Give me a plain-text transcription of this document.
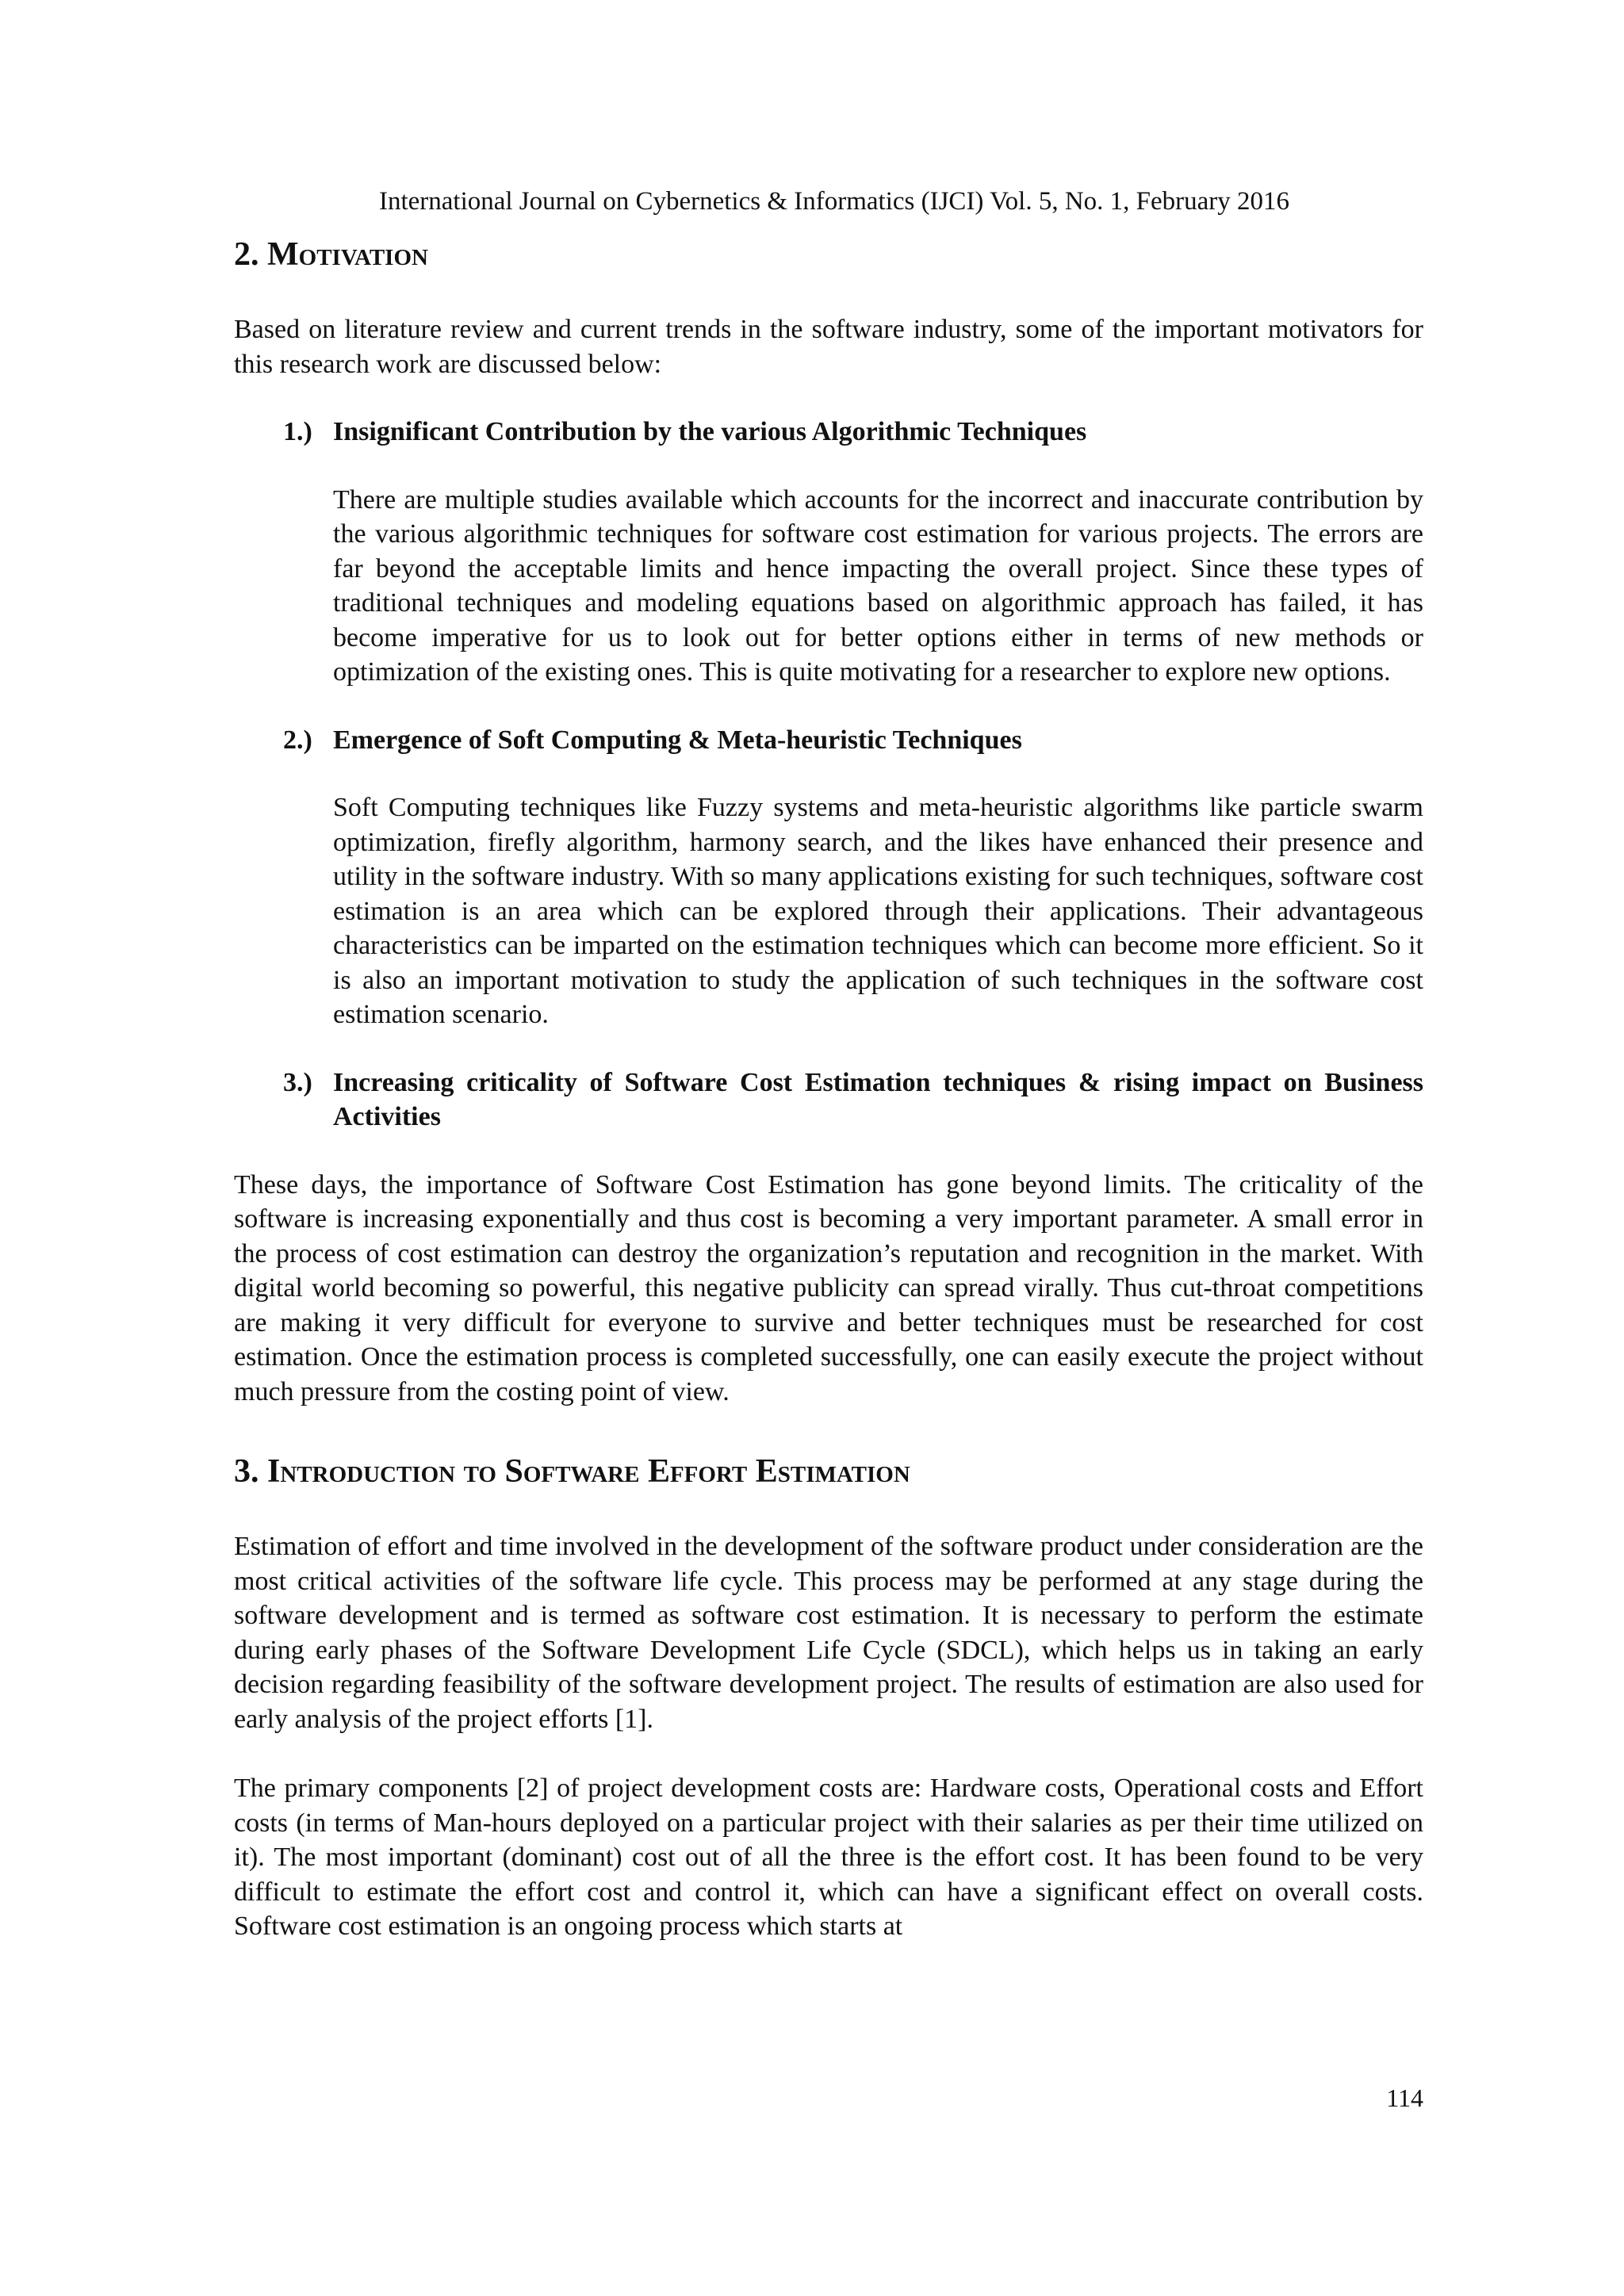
International Journal on Cybernetics & Informatics (IJCI) Vol. 5, No. 1, February 2016
2. Motivation

Based on literature review and current trends in the software industry, some of the important motivators for this research work are discussed below:

1.) Insignificant Contribution by the various Algorithmic Techniques

There are multiple studies available which accounts for the incorrect and inaccurate contribution by the various algorithmic techniques for software cost estimation for various projects. The errors are far beyond the acceptable limits and hence impacting the overall project. Since these types of traditional techniques and modeling equations based on algorithmic approach has failed, it has become imperative for us to look out for better options either in terms of new methods or optimization of the existing ones. This is quite motivating for a researcher to explore new options.

2.) Emergence of Soft Computing & Meta-heuristic Techniques

Soft Computing techniques like Fuzzy systems and meta-heuristic algorithms like particle swarm optimization, firefly algorithm, harmony search, and the likes have enhanced their presence and utility in the software industry. With so many applications existing for such techniques, software cost estimation is an area which can be explored through their applications. Their advantageous characteristics can be imparted on the estimation techniques which can become more efficient. So it is also an important motivation to study the application of such techniques in the software cost estimation scenario.

3.) Increasing criticality of Software Cost Estimation techniques & rising impact on Business Activities

These days, the importance of Software Cost Estimation has gone beyond limits. The criticality of the software is increasing exponentially and thus cost is becoming a very important parameter. A small error in the process of cost estimation can destroy the organization’s reputation and recognition in the market. With digital world becoming so powerful, this negative publicity can spread virally. Thus cut-throat competitions are making it very difficult for everyone to survive and better techniques must be researched for cost estimation. Once the estimation process is completed successfully, one can easily execute the project without much pressure from the costing point of view.

3. Introduction to Software Effort Estimation

Estimation of effort and time involved in the development of the software product under consideration are the most critical activities of the software life cycle. This process may be performed at any stage during the software development and is termed as software cost estimation. It is necessary to perform the estimate during early phases of the Software Development Life Cycle (SDCL), which helps us in taking an early decision regarding feasibility of the software development project. The results of estimation are also used for early analysis of the project efforts [1].

The primary components [2] of project development costs are: Hardware costs, Operational costs and Effort costs (in terms of Man-hours deployed on a particular project with their salaries as per their time utilized on it). The most important (dominant) cost out of all the three is the effort cost. It has been found to be very difficult to estimate the effort cost and control it, which can have a significant effect on overall costs. Software cost estimation is an ongoing process which starts at

114
